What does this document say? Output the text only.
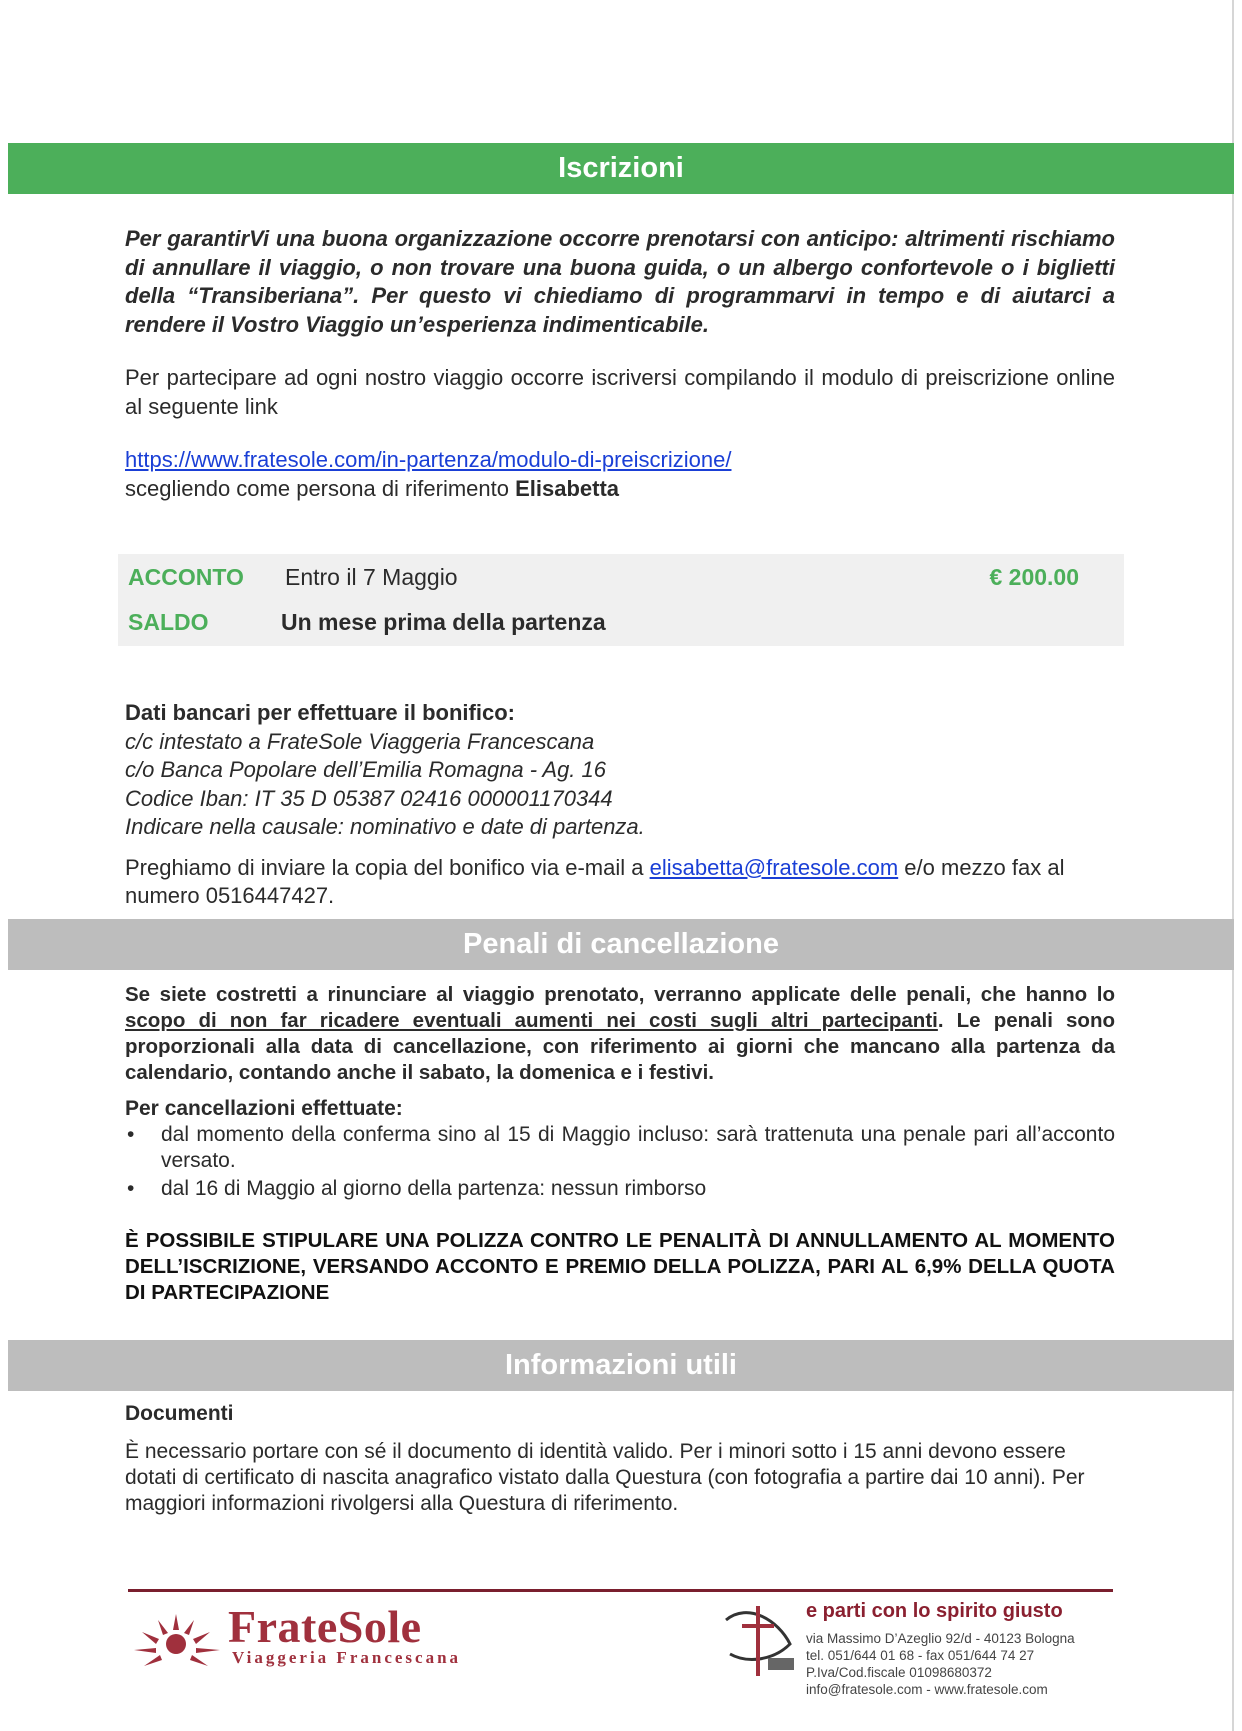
Iscrizioni

Per garantirVi una buona organizzazione occorre prenotarsi con anticipo: altrimenti rischiamo di annullare il viaggio, o non trovare una buona guida, o un albergo confortevole o i biglietti della “Transiberiana”. Per questo vi chiediamo di programmarvi in tempo e di aiutarci a rendere il Vostro Viaggio un’esperienza indimenticabile.

Per partecipare ad ogni nostro viaggio occorre iscriversi compilando il modulo di preiscrizione online al seguente link

https://www.fratesole.com/in-partenza/modulo-di-preiscrizione/

scegliendo come persona di riferimento Elisabetta

ACCONTO Entro il 7 Maggio	€ 200.00
SALDO	Un mese prima della partenza

Dati bancari per effettuare il bonifico:

c/c intestato a FrateSole Viaggeria Francescana

c/o Banca Popolare dell’Emilia Romagna - Ag. 16

Codice Iban: IT 35 D 05387 02416 000001170344

Indicare nella causale: nominativo e date di partenza.

Preghiamo di inviare la copia del bonifico via e-mail a elisabetta@fratesole.com e/o mezzo fax al numero 0516447427.

Penali di cancellazione

Se siete costretti a rinunciare al viaggio prenotato, verranno applicate delle penali, che hanno lo scopo di non far ricadere eventuali aumenti nei costi sugli altri partecipanti. Le penali sono proporzionali alla data di cancellazione, con riferimento ai giorni che mancano alla partenza da calendario, contando anche il sabato, la domenica e i festivi.

Per cancellazioni effettuate:

• dal momento della conferma sino al 15 di Maggio incluso: sarà trattenuta una penale pari all’acconto versato.
• dal 16 di Maggio al giorno della partenza: nessun rimborso

È POSSIBILE STIPULARE UNA POLIZZA CONTRO LE PENALITÀ DI ANNULLAMENTO AL MOMENTO DELL’ISCRIZIONE, VERSANDO ACCONTO E PREMIO DELLA POLIZZA, PARI AL 6,9% DELLA QUOTA DI PARTECIPAZIONE

Informazioni utili

Documenti

È necessario portare con sé il documento di identità valido. Per i minori sotto i 15 anni devono essere dotati di certificato di nascita anagrafico vistato dalla Questura (con fotografia a partire dai 10 anni). Per maggiori informazioni rivolgersi alla Questura di riferimento.

FrateSole
Viaggeria Francescana
e parti con lo spirito giusto
via Massimo D’Azeglio 92/d - 40123 Bologna
tel. 051/644 01 68 - fax 051/644 74 27
P.Iva/Cod.fiscale 01098680372
info@fratesole.com - www.fratesole.com
